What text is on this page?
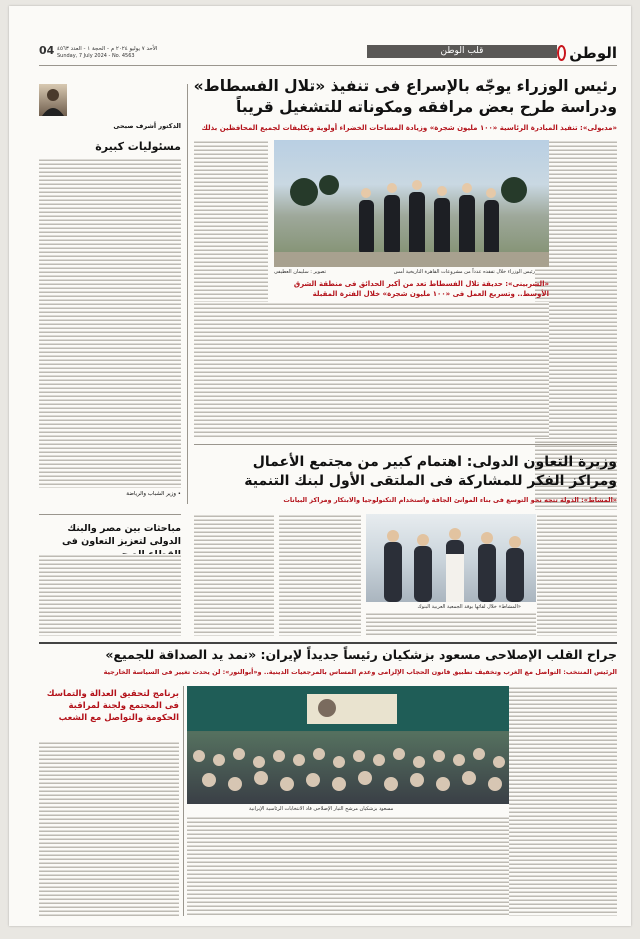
الوطن
قلب الوطن
الأحد ٧ يوليو ٢٠٢٤ م - الحجة ١ - العدد ٤٥٦٣
Sunday, 7 July 2024 - No. 4563
04
رئيس الوزراء يوجّه بالإسراع فى تنفيذ «تلال الفسطاط» ودراسة طرح بعض مرافقه ومكوناته للتشغيل قريباً
«مدبولى»: تنفيذ المبادرة الرئاسية «١٠٠ مليون شجرة» وزيادة المساحات الخضراء أولوية وتكليفات لجميع المحافظين بذلك
الدكتور أشرف صبحى
مسئوليات كبيرة
• وزير الشباب والرياضة
رئيس الوزراء خلال تفقده عدداً من مشروعات القاهرة التاريخية أمس
تصوير : سليمان العطيفى
«الشربينى»: حديقة تلال الفسطاط تعد من أكبر الحدائق فى منطقة الشرق الأوسط.. وتسريع العمل فى «١٠٠ مليون شجرة» خلال الفترة المقبلة
وزيرة التعاون الدولى: اهتمام كبير من مجتمع الأعمال ومراكز الفكر للمشاركة فى الملتقى الأول لبنك التنمية
«المشاط»: الدولة تتجه نحو التوسع فى بناء الموانئ الجافة واستخدام التكنولوجيا والابتكار ومراكز البيانات
«المشاط» خلال لقائها بوفد الجمعية العربية البنوك
مباحثات بين مصر والبنك الدولى لتعزيز التعاون فى
جراح القلب الإصلاحى مسعود بزشكيان رئيساً جديداً لإيران: «نمد يد الصداقة للجميع»
الرئيس المنتخب: التواصل مع الغرب وتخفيف تطبيق قانون الحجاب الإلزامى وعدم المساس بالمرجعيات الدينية.. و«أبوالنور»: لن يحدث تغيير فى السياسة الخارجية
مسعود بزشكيان مرشح التيار الإصلاحى قاد الانتخابات الرئاسية الإيرانية
برنامج لتحقيق العدالة والتماسك فى المجتمع ولجنة لمراقبة الحكومة والتواصل مع الشعب
